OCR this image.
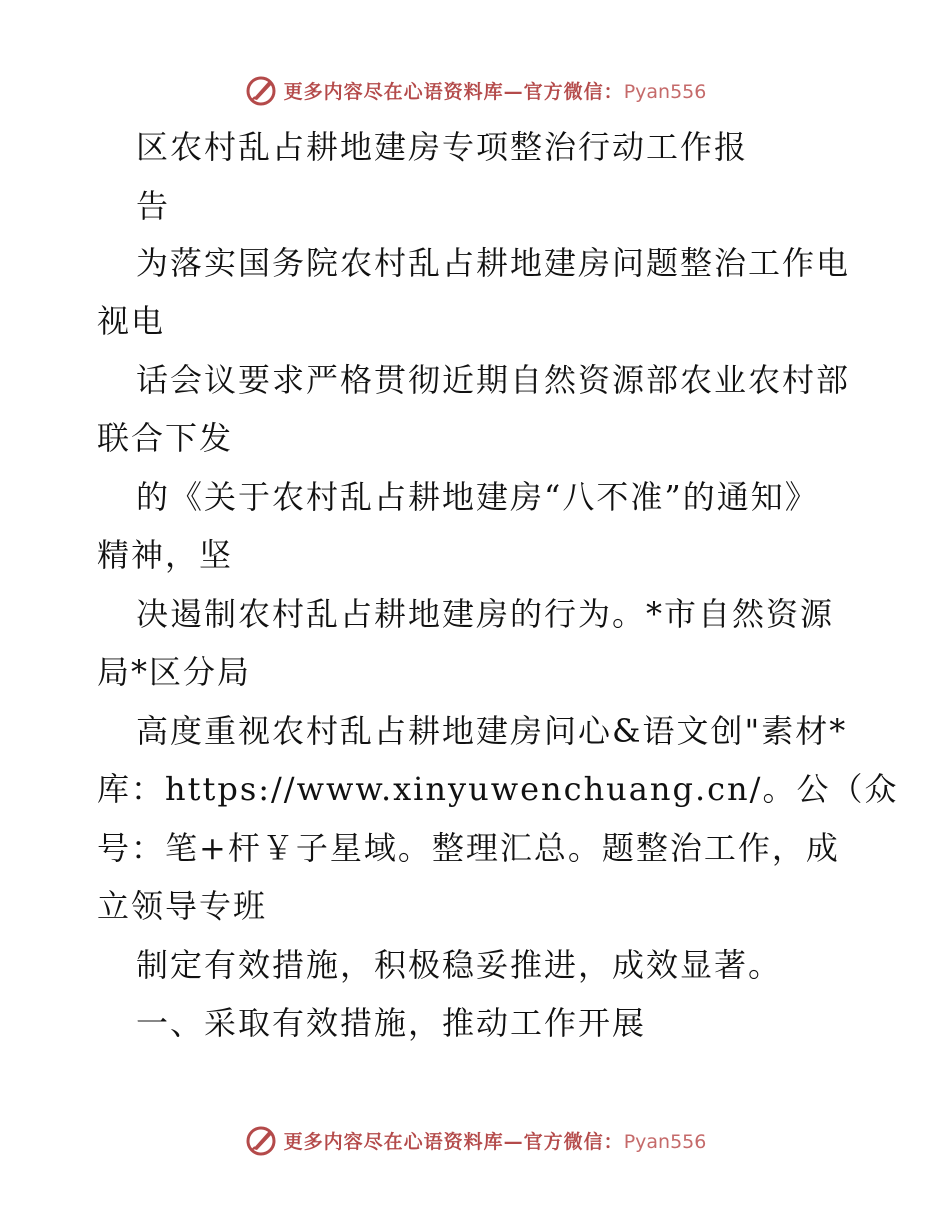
更多内容尽在心语资料库—官方微信：Pyan556
区农村乱占耕地建房专项整治行动工作报
告
为落实国务院农村乱占耕地建房问题整治工作电
视电
话会议要求严格贯彻近期自然资源部农业农村部
联合下发
的《关于农村乱占耕地建房“八不准”的通知》
精神，坚
决遏制农村乱占耕地建房的行为。*市自然资源
局*区分局
高度重视农村乱占耕地建房问心&语文创"素材*
库：https://www.xinyuwenchuang.cn/。公（众
号：笔+杆￥子星域。整理汇总。题整治工作，成
立领导专班
制定有效措施，积极稳妥推进，成效显著。
一、采取有效措施，推动工作开展
更多内容尽在心语资料库—官方微信：Pyan556
